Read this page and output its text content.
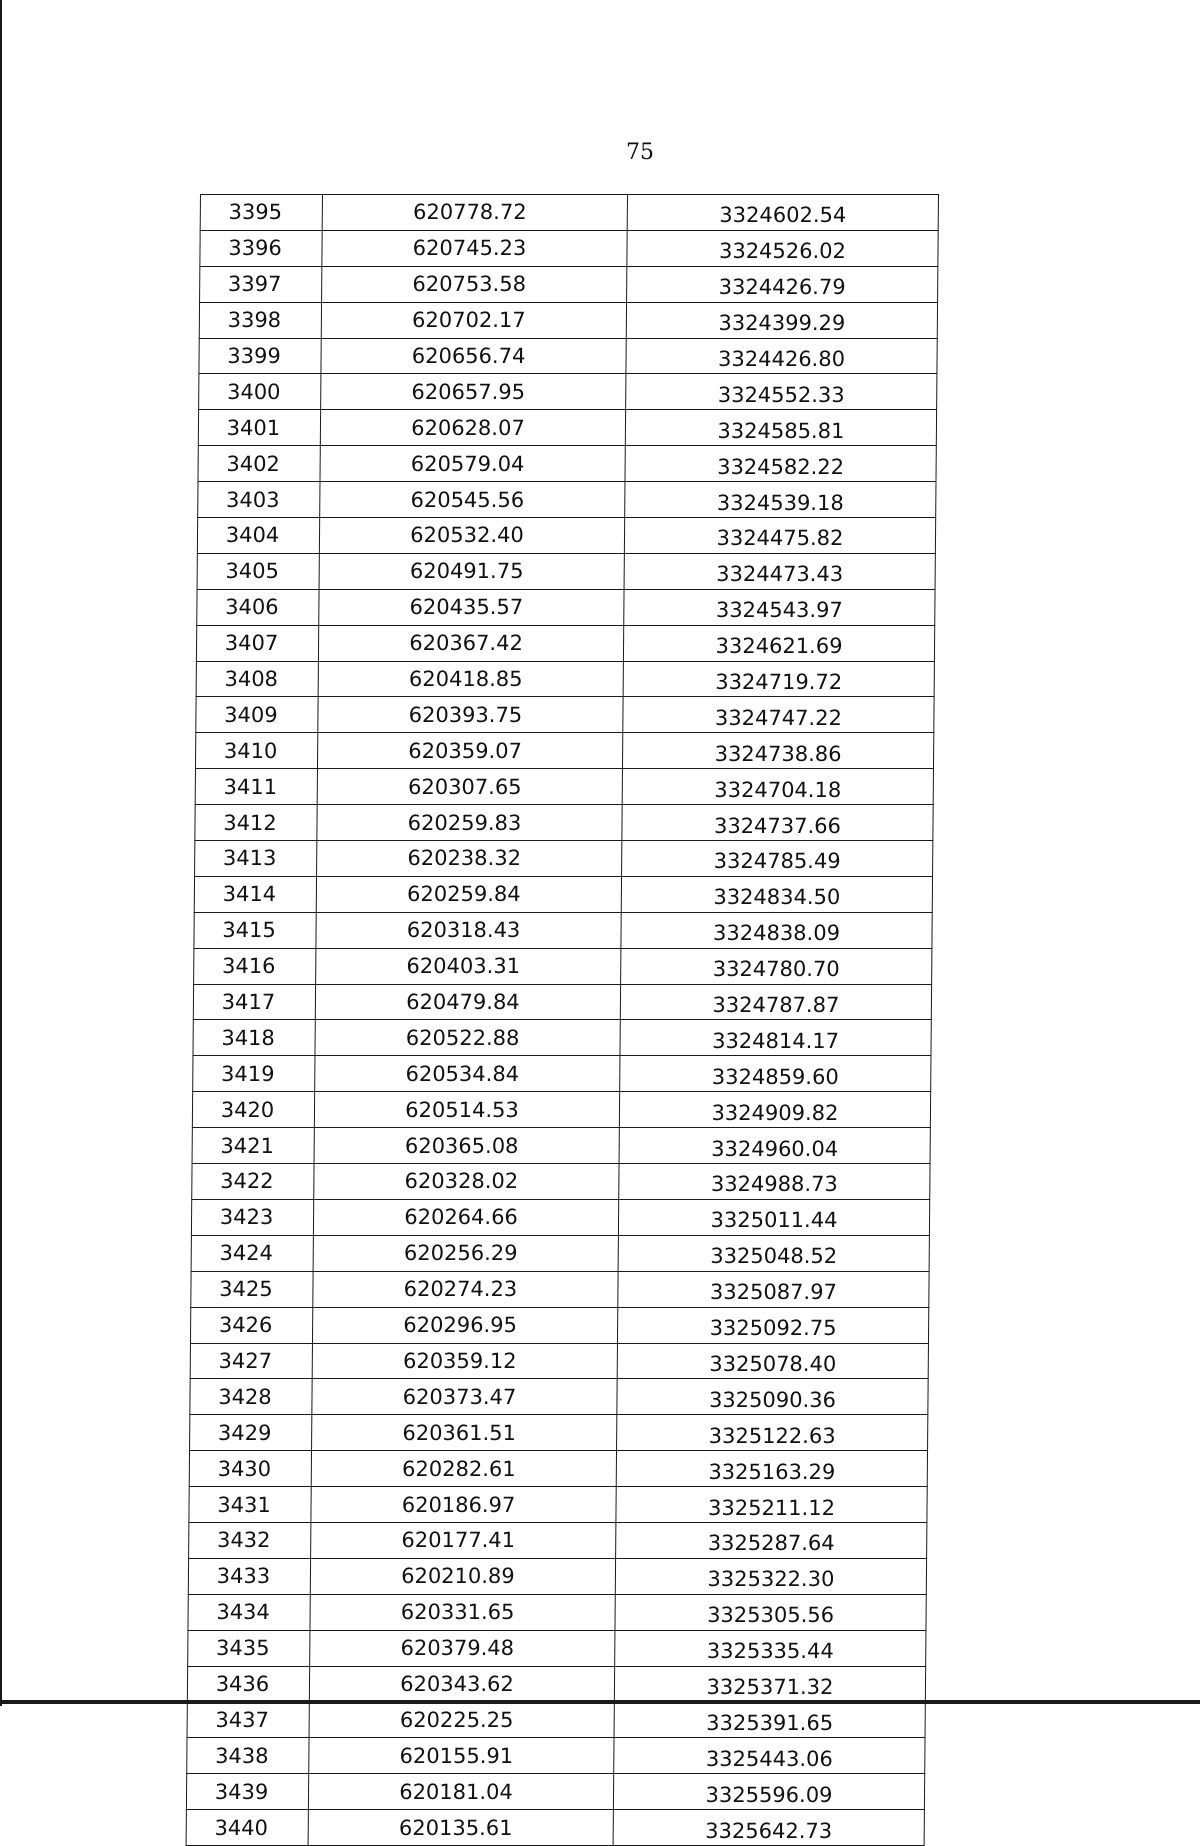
75
3395	620778.72	3324602.54
3396	620745.23	3324526.02
3397	620753.58	3324426.79
3398	620702.17	3324399.29
3399	620656.74	3324426.80
3400	620657.95	3324552.33
3401	620628.07	3324585.81
3402	620579.04	3324582.22
3403	620545.56	3324539.18
3404	620532.40	3324475.82
3405	620491.75	3324473.43
3406	620435.57	3324543.97
3407	620367.42	3324621.69
3408	620418.85	3324719.72
3409	620393.75	3324747.22
3410	620359.07	3324738.86
3411	620307.65	3324704.18
3412	620259.83	3324737.66
3413	620238.32	3324785.49
3414	620259.84	3324834.50
3415	620318.43	3324838.09
3416	620403.31	3324780.70
3417	620479.84	3324787.87
3418	620522.88	3324814.17
3419	620534.84	3324859.60
3420	620514.53	3324909.82
3421	620365.08	3324960.04
3422	620328.02	3324988.73
3423	620264.66	3325011.44
3424	620256.29	3325048.52
3425	620274.23	3325087.97
3426	620296.95	3325092.75
3427	620359.12	3325078.40
3428	620373.47	3325090.36
3429	620361.51	3325122.63
3430	620282.61	3325163.29
3431	620186.97	3325211.12
3432	620177.41	3325287.64
3433	620210.89	3325322.30
3434	620331.65	3325305.56
3435	620379.48	3325335.44
3436	620343.62	3325371.32
3437	620225.25	3325391.65
3438	620155.91	3325443.06
3439	620181.04	3325596.09
3440	620135.61	3325642.73
